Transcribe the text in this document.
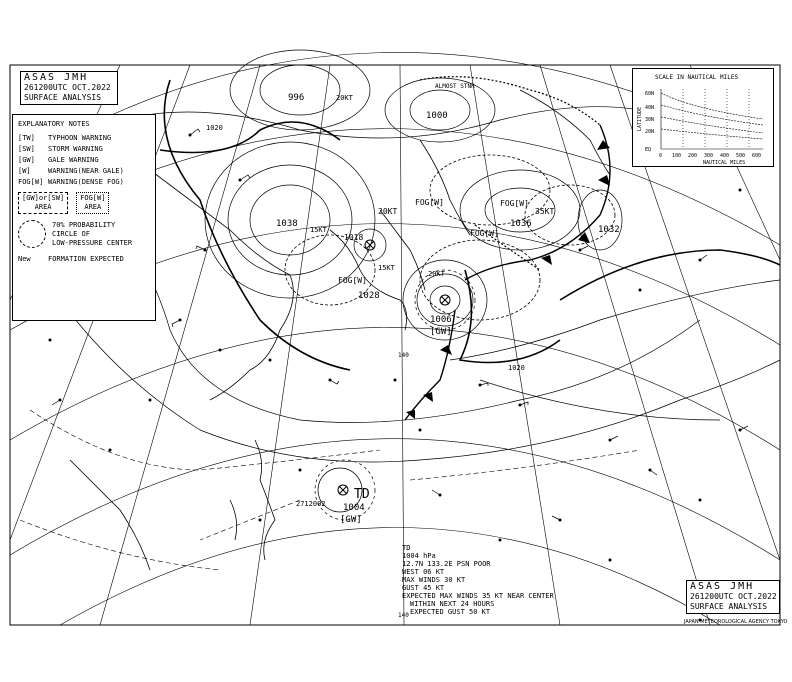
TD
1004
[GW]
2712002
1006
[GW]
1038
1028
1036
1032
1000
996
1018
FOG[W]
FOG[W]
FOG[W]
FOG[W]
20KT
15KT
15KT
35KT
20KT
20KT
ALMOST STNR
1020
1020
140
140
TD
1004 hPa
12.7N 133.2E PSN POOR
WEST 06 KT
MAX WINDS 30 KT
GUST 45 KT
EXPECTED MAX WINDS 35 KT NEAR CENTER
WITHIN NEXT 24 HOURS
EXPECTED GUST 50 KT
ASAS JMH
261200UTC OCT.2022
SURFACE ANALYSIS
EXPLANATORY NOTES
[TW] TYPHOON WARNING
[SW] STORM WARNING
[GW] GALE WARNING
[W] WARNING(NEAR GALE)
FOG[W] WARNING(DENSE FOG)
[GW]or[SW]
AREA
FOG[W]
AREA
70% PROBABILITY
CIRCLE OF
LOW-PRESSURE CENTER
New FORMATION EXPECTED
SCALE IN NAUTICAL MILES
LATITUDE
60N
40N
30N
20N
EQ
0 100 200 300 400 500 600
NAUTICAL MILES
ASAS JMH
261200UTC OCT.2022
SURFACE ANALYSIS
JAPAN METEOROLOGICAL AGENCY TOKYO
